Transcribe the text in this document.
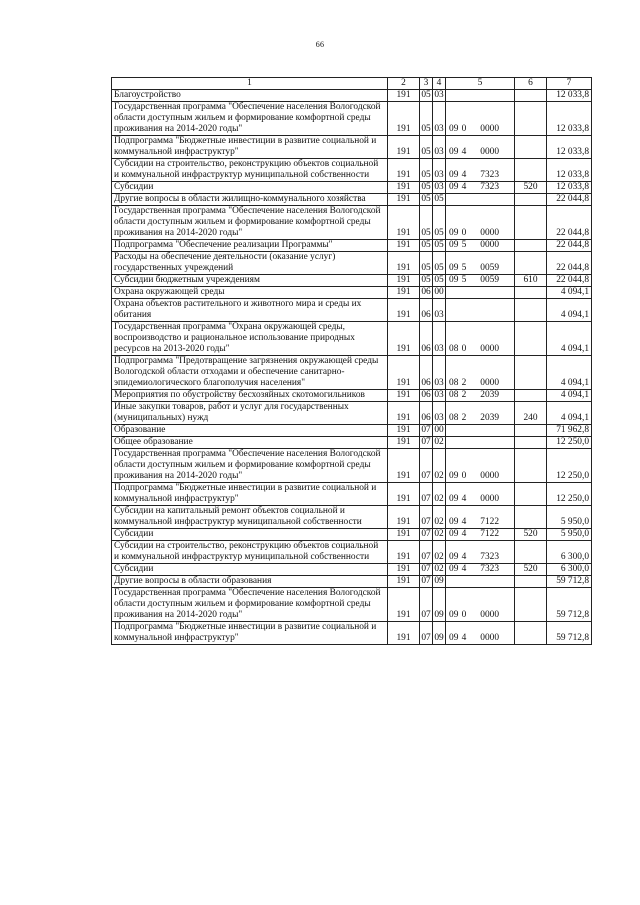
66
1	2	3	4	5	6	7
Благоустройство	191	05	03			12 033,8
Государственная программа "Обеспечение населения Вологодской области доступным жильем и формирование комфортной среды проживания на 2014-2020 годы"	191	05	03	09 0 0000		12 033,8
Подпрограмма "Бюджетные инвестиции в развитие социальной и коммунальной инфраструктур"	191	05	03	09 4 0000		12 033,8
Субсидии на строительство, реконструкцию объектов социальной и коммунальной инфраструктур муниципальной собственности	191	05	03	09 4 7323		12 033,8
Субсидии	191	05	03	09 4 7323	520	12 033,8
Другие вопросы в области жилищно-коммунального хозяйства	191	05	05			22 044,8
Государственная программа "Обеспечение населения Вологодской области доступным жильем и формирование комфортной среды проживания на 2014-2020 годы"	191	05	05	09 0 0000		22 044,8
Подпрограмма "Обеспечение реализации Программы"	191	05	05	09 5 0000		22 044,8
Расходы на обеспечение деятельности (оказание услуг) государственных учреждений	191	05	05	09 5 0059		22 044,8
Субсидии бюджетным учреждениям	191	05	05	09 5 0059	610	22 044,8
Охрана окружающей среды	191	06	00			4 094,1
Охрана объектов растительного и животного мира и среды их обитания	191	06	03			4 094,1
Государственная программа "Охрана окружающей среды, воспроизводство и рациональное использование природных ресурсов на 2013-2020 годы"	191	06	03	08 0 0000		4 094,1
Подпрограмма "Предотвращение загрязнения окружающей среды Вологодской области отходами и обеспечение санитарно-эпидемиологического благополучия населения"	191	06	03	08 2 0000		4 094,1
Мероприятия по обустройству бесхозяйных скотомогильников	191	06	03	08 2 2039		4 094,1
Иные закупки товаров, работ и услуг для государственных (муниципальных) нужд	191	06	03	08 2 2039	240	4 094,1
Образование	191	07	00			71 962,8
Общее образование	191	07	02			12 250,0
Государственная программа "Обеспечение населения Вологодской области доступным жильем и формирование комфортной среды проживания на 2014-2020 годы"	191	07	02	09 0 0000		12 250,0
Подпрограмма "Бюджетные инвестиции в развитие социальной и коммунальной инфраструктур"	191	07	02	09 4 0000		12 250,0
Субсидии на капитальный ремонт объектов социальной и коммунальной инфраструктур муниципальной собственности	191	07	02	09 4 7122		5 950,0
Субсидии	191	07	02	09 4 7122	520	5 950,0
Субсидии на строительство, реконструкцию объектов социальной и коммунальной инфраструктур муниципальной собственности	191	07	02	09 4 7323		6 300,0
Субсидии	191	07	02	09 4 7323	520	6 300,0
Другие вопросы в области образования	191	07	09			59 712,8
Государственная программа "Обеспечение населения Вологодской области доступным жильем и формирование комфортной среды проживания на 2014-2020 годы"	191	07	09	09 0 0000		59 712,8
Подпрограмма "Бюджетные инвестиции в развитие социальной и коммунальной инфраструктур"	191	07	09	09 4 0000		59 712,8
